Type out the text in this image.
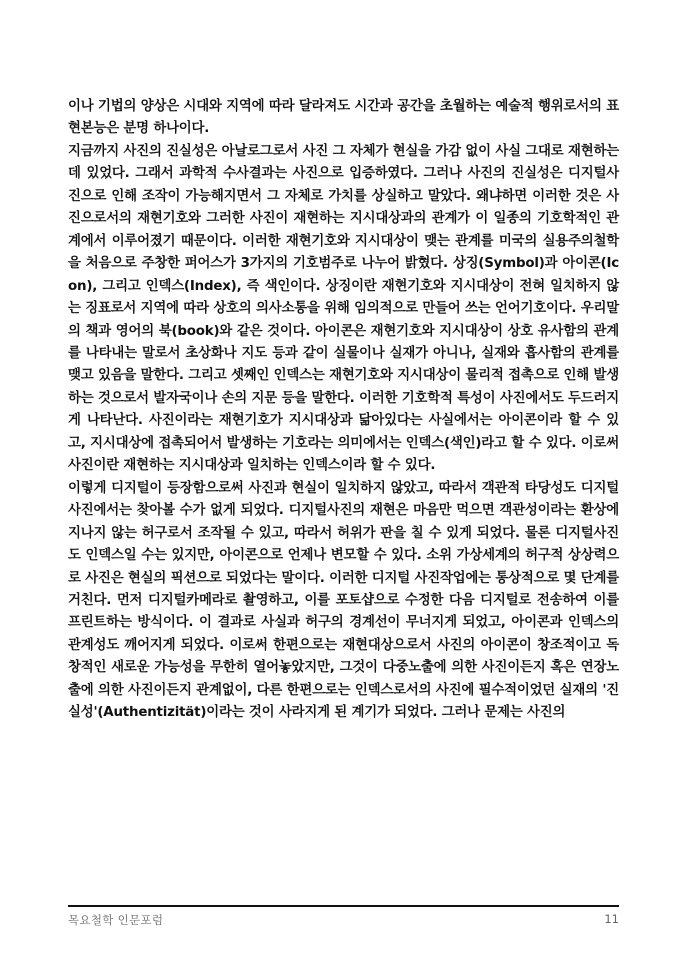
이나 기법의 양상은 시대와 지역에 따라 달라져도 시간과 공간을 초월하는 예술적 행위로서의 표현본능은 분명 하나이다.

지금까지 사진의 진실성은 아날로그로서 사진 그 자체가 현실을 가감 없이 사실 그대로 재현하는데 있었다. 그래서 과학적 수사결과는 사진으로 입증하였다. 그러나 사진의 진실성은 디지털사진으로 인해 조작이 가능해지면서 그 자체로 가치를 상실하고 말았다. 왜냐하면 이러한 것은 사진으로서의 재현기호와 그러한 사진이 재현하는 지시대상과의 관계가 이 일종의 기호학적인 관계에서 이루어졌기 때문이다. 이러한 재현기호와 지시대상이 맺는 관계를 미국의 실용주의철학을 처음으로 주창한 퍼어스가 3가지의 기호범주로 나누어 밝혔다. 상징(Symbol)과 아이콘(Icon), 그리고 인덱스(Index), 즉 색인이다. 상징이란 재현기호와 지시대상이 전혀 일치하지 않는 징표로서 지역에 따라 상호의 의사소통을 위해 임의적으로 만들어 쓰는 언어기호이다. 우리말의 책과 영어의 북(book)와 같은 것이다. 아이콘은 재현기호와 지시대상이 상호 유사함의 관계를 나타내는 말로서 초상화나 지도 등과 같이 실물이나 실재가 아니나, 실재와 흡사함의 관계를 맺고 있음을 말한다. 그리고 셋째인 인덱스는 재현기호와 지시대상이 물리적 접촉으로 인해 발생하는 것으로서 발자국이나 손의 지문 등을 말한다. 이러한 기호학적 특성이 사진에서도 두드러지게 나타난다. 사진이라는 재현기호가 지시대상과 닮아있다는 사실에서는 아이콘이라 할 수 있고, 지시대상에 접촉되어서 발생하는 기호라는 의미에서는 인덱스(색인)라고 할 수 있다. 이로써 사진이란 재현하는 지시대상과 일치하는 인덱스이라 할 수 있다.

이렇게 디지털이 등장함으로써 사진과 현실이 일치하지 않았고, 따라서 객관적 타당성도 디지털사진에서는 찾아볼 수가 없게 되었다. 디지털사진의 재현은 마음만 먹으면 객관성이라는 환상에 지나지 않는 허구로서 조작될 수 있고, 따라서 허위가 판을 칠 수 있게 되었다. 물론 디지털사진도 인덱스일 수는 있지만, 아이콘으로 언제나 변모할 수 있다. 소위 가상세계의 허구적 상상력으로 사진은 현실의 픽션으로 되었다는 말이다. 이러한 디지털 사진작업에는 통상적으로 몇 단계를 거친다. 먼저 디지털카메라로 촬영하고, 이를 포토샵으로 수정한 다음 디지털로 전송하여 이를 프린트하는 방식이다. 이 결과로 사실과 허구의 경계선이 무너지게 되었고, 아이콘과 인덱스의 관계성도 깨어지게 되었다. 이로써 한편으로는 재현대상으로서 사진의 아이콘이 창조적이고 독창적인 새로운 가능성을 무한히 열어놓았지만, 그것이 다중노출에 의한 사진이든지 혹은 연장노출에 의한 사진이든지 관계없이, 다른 한편으로는 인덱스로서의 사진에 필수적이었던 실재의 '진실성'(Authentizität)이라는 것이 사라지게 된 계기가 되었다. 그러나 문제는 사진의

목요철학 인문포럼	11
